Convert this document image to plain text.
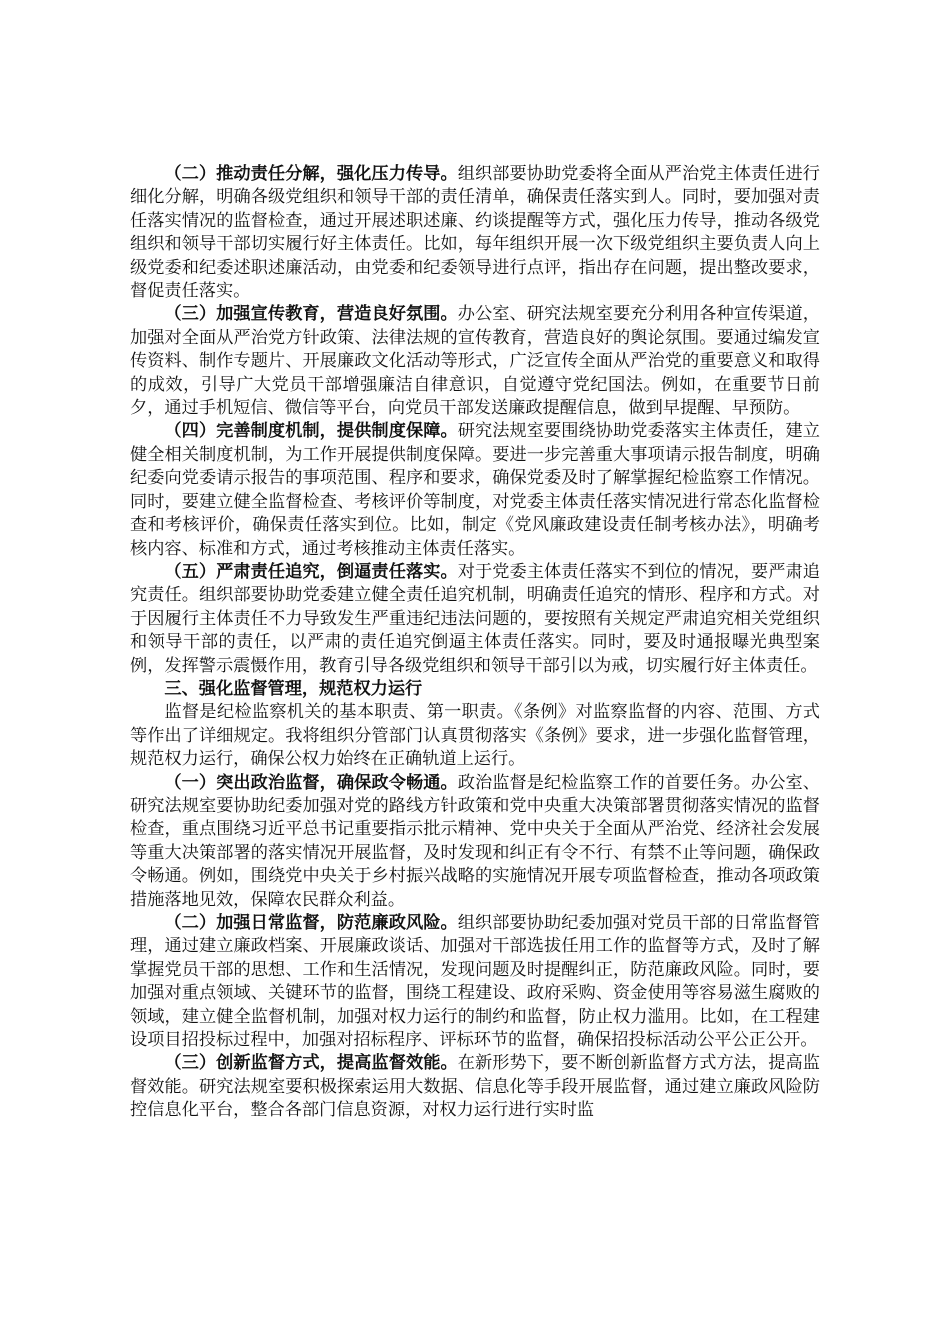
（二）推动责任分解，强化压力传导。组织部要协助党委将全面从严治党主体责任进行细化分解，明确各级党组织和领导干部的责任清单，确保责任落实到人。同时，要加强对责任落实情况的监督检查，通过开展述职述廉、约谈提醒等方式，强化压力传导，推动各级党组织和领导干部切实履行好主体责任。比如，每年组织开展一次下级党组织主要负责人向上级党委和纪委述职述廉活动，由党委和纪委领导进行点评，指出存在问题，提出整改要求，督促责任落实。

（三）加强宣传教育，营造良好氛围。办公室、研究法规室要充分利用各种宣传渠道，加强对全面从严治党方针政策、法律法规的宣传教育，营造良好的舆论氛围。要通过编发宣传资料、制作专题片、开展廉政文化活动等形式，广泛宣传全面从严治党的重要意义和取得的成效，引导广大党员干部增强廉洁自律意识，自觉遵守党纪国法。例如，在重要节日前夕，通过手机短信、微信等平台，向党员干部发送廉政提醒信息，做到早提醒、早预防。

（四）完善制度机制，提供制度保障。研究法规室要围绕协助党委落实主体责任，建立健全相关制度机制，为工作开展提供制度保障。要进一步完善重大事项请示报告制度，明确纪委向党委请示报告的事项范围、程序和要求，确保党委及时了解掌握纪检监察工作情况。同时，要建立健全监督检查、考核评价等制度，对党委主体责任落实情况进行常态化监督检查和考核评价，确保责任落实到位。比如，制定《党风廉政建设责任制考核办法》，明确考核内容、标准和方式，通过考核推动主体责任落实。

（五）严肃责任追究，倒逼责任落实。对于党委主体责任落实不到位的情况，要严肃追究责任。组织部要协助党委建立健全责任追究机制，明确责任追究的情形、程序和方式。对于因履行主体责任不力导致发生严重违纪违法问题的，要按照有关规定严肃追究相关党组织和领导干部的责任，以严肃的责任追究倒逼主体责任落实。同时，要及时通报曝光典型案例，发挥警示震慑作用，教育引导各级党组织和领导干部引以为戒，切实履行好主体责任。

三、强化监督管理，规范权力运行

监督是纪检监察机关的基本职责、第一职责。《条例》对监察监督的内容、范围、方式等作出了详细规定。我将组织分管部门认真贯彻落实《条例》要求，进一步强化监督管理，规范权力运行，确保公权力始终在正确轨道上运行。

（一）突出政治监督，确保政令畅通。政治监督是纪检监察工作的首要任务。办公室、研究法规室要协助纪委加强对党的路线方针政策和党中央重大决策部署贯彻落实情况的监督检查，重点围绕习近平总书记重要指示批示精神、党中央关于全面从严治党、经济社会发展等重大决策部署的落实情况开展监督，及时发现和纠正有令不行、有禁不止等问题，确保政令畅通。例如，围绕党中央关于乡村振兴战略的实施情况开展专项监督检查，推动各项政策措施落地见效，保障农民群众利益。

（二）加强日常监督，防范廉政风险。组织部要协助纪委加强对党员干部的日常监督管理，通过建立廉政档案、开展廉政谈话、加强对干部选拔任用工作的监督等方式，及时了解掌握党员干部的思想、工作和生活情况，发现问题及时提醒纠正，防范廉政风险。同时，要加强对重点领域、关键环节的监督，围绕工程建设、政府采购、资金使用等容易滋生腐败的领域，建立健全监督机制，加强对权力运行的制约和监督，防止权力滥用。比如，在工程建设项目招投标过程中，加强对招标程序、评标环节的监督，确保招投标活动公平公正公开。

（三）创新监督方式，提高监督效能。在新形势下，要不断创新监督方式方法，提高监督效能。研究法规室要积极探索运用大数据、信息化等手段开展监督，通过建立廉政风险防控信息化平台，整合各部门信息资源，对权力运行进行实时监
